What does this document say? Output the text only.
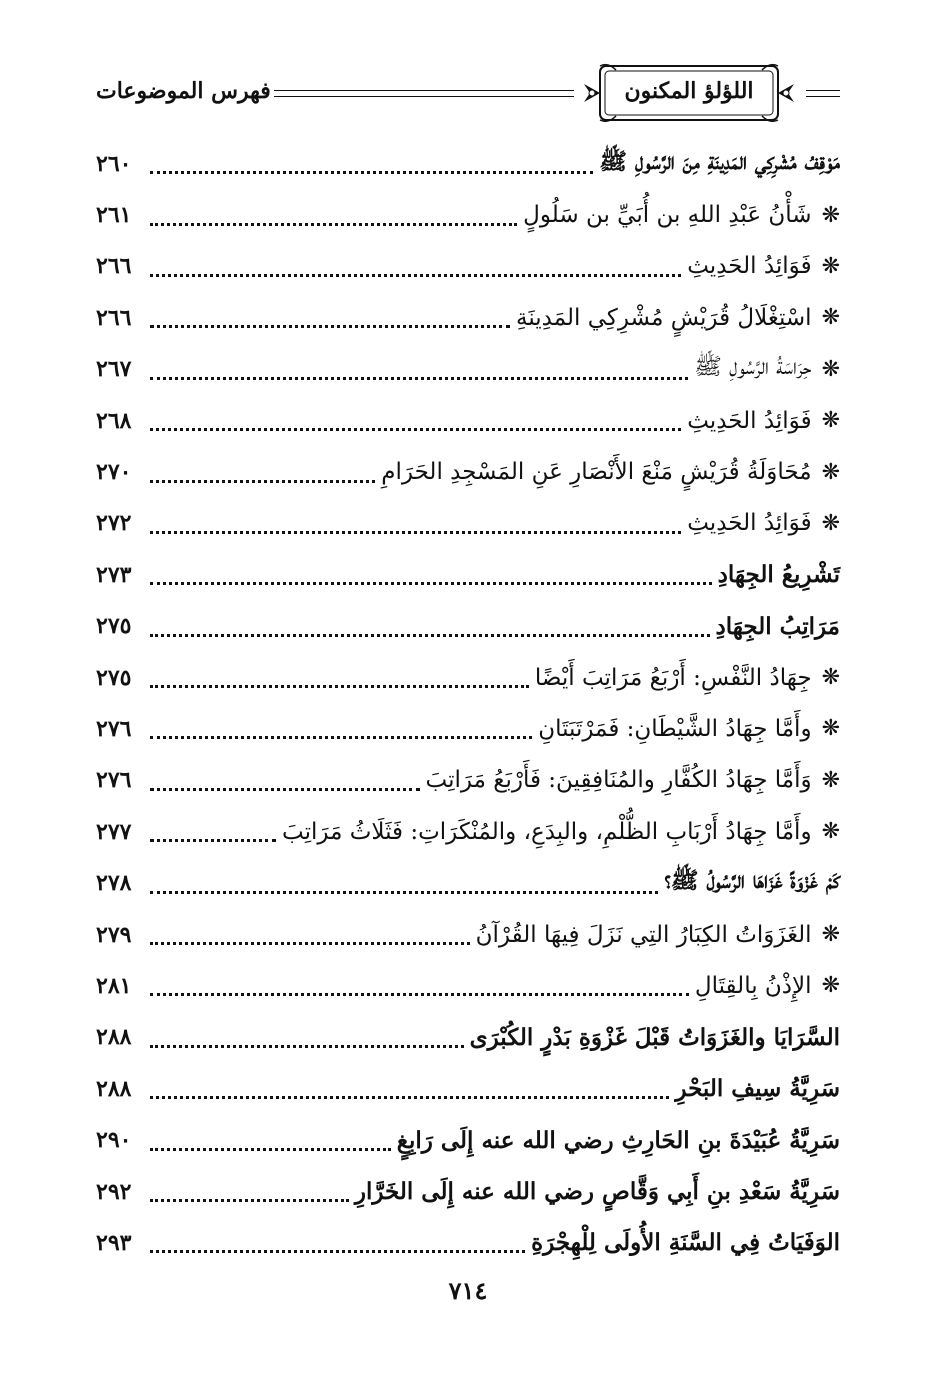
اللؤلؤ المكنون
فهرس الموضوعات
مَوْقِفُ مُشْرِكِي المَدِينَةِ مِنَ الرَّسُولِ ﷺ
٢٦٠
❋
شَأْنُ عَبْدِ اللهِ بن أُبَيِّ بن سَلُولٍ
٢٦١
❋
فَوَائِدُ الحَدِيثِ
٢٦٦
❋
اسْتِغْلَالُ قُرَيْشٍ مُشْرِكِي المَدِينَةِ
٢٦٦
❋
حِرَاسَةُ الرَّسُولِ ﷺ
٢٦٧
❋
فَوَائِدُ الحَدِيثِ
٢٦٨
❋
مُحَاوَلَةُ قُرَيْشٍ مَنْعَ الأَنْصَارِ عَنِ المَسْجِدِ الحَرَامِ
٢٧٠
❋
فَوَائِدُ الحَدِيثِ
٢٧٢
تَشْرِيعُ الجِهَادِ
٢٧٣
مَرَاتِبُ الجِهَادِ
٢٧٥
❋
جِهَادُ النَّفْسِ: أَرْبَعُ مَرَاتِبَ أَيْضًا
٢٧٥
❋
وأَمَّا جِهَادُ الشَّيْطَانِ: فَمَرْتَبَتَانِ
٢٧٦
❋
وَأَمَّا جِهَادُ الكُفَّارِ والمُنَافِقِينَ: فَأَرْبَعُ مَرَاتِبَ
٢٧٦
❋
وأَمَّا جِهَادُ أَرْبَابِ الظُّلْمِ، والبِدَعِ، والمُنْكَرَاتِ: فَثَلَاثُ مَرَاتِبَ
٢٧٧
كَمْ غَزْوَةً غَزَاهَا الرَّسُولُ ﷺ؟
٢٧٨
❋
الغَزَوَاتُ الكِبَارُ التِي نَزَلَ فِيهَا القُرْآنُ
٢٧٩
❋
الإِذْنُ بِالقِتَالِ
٢٨١
السَّرَايَا والغَزَوَاتُ قَبْلَ غَزْوَةِ بَدْرٍ الكُبْرَى
٢٨٨
سَرِيَّةُ سِيفِ البَحْرِ
٢٨٨
سَرِيَّةُ عُبَيْدَةَ بنِ الحَارِثِ رضي الله عنه إِلَى رَابِغٍ
٢٩٠
سَرِيَّةُ سَعْدِ بنِ أَبِي وَقَّاصٍ رضي الله عنه إِلَى الخَرَّارِ
٢٩٢
الوَفَيَاتُ فِي السَّنَةِ الأُولَى لِلْهِجْرَةِ
٢٩٣
٧١٤
